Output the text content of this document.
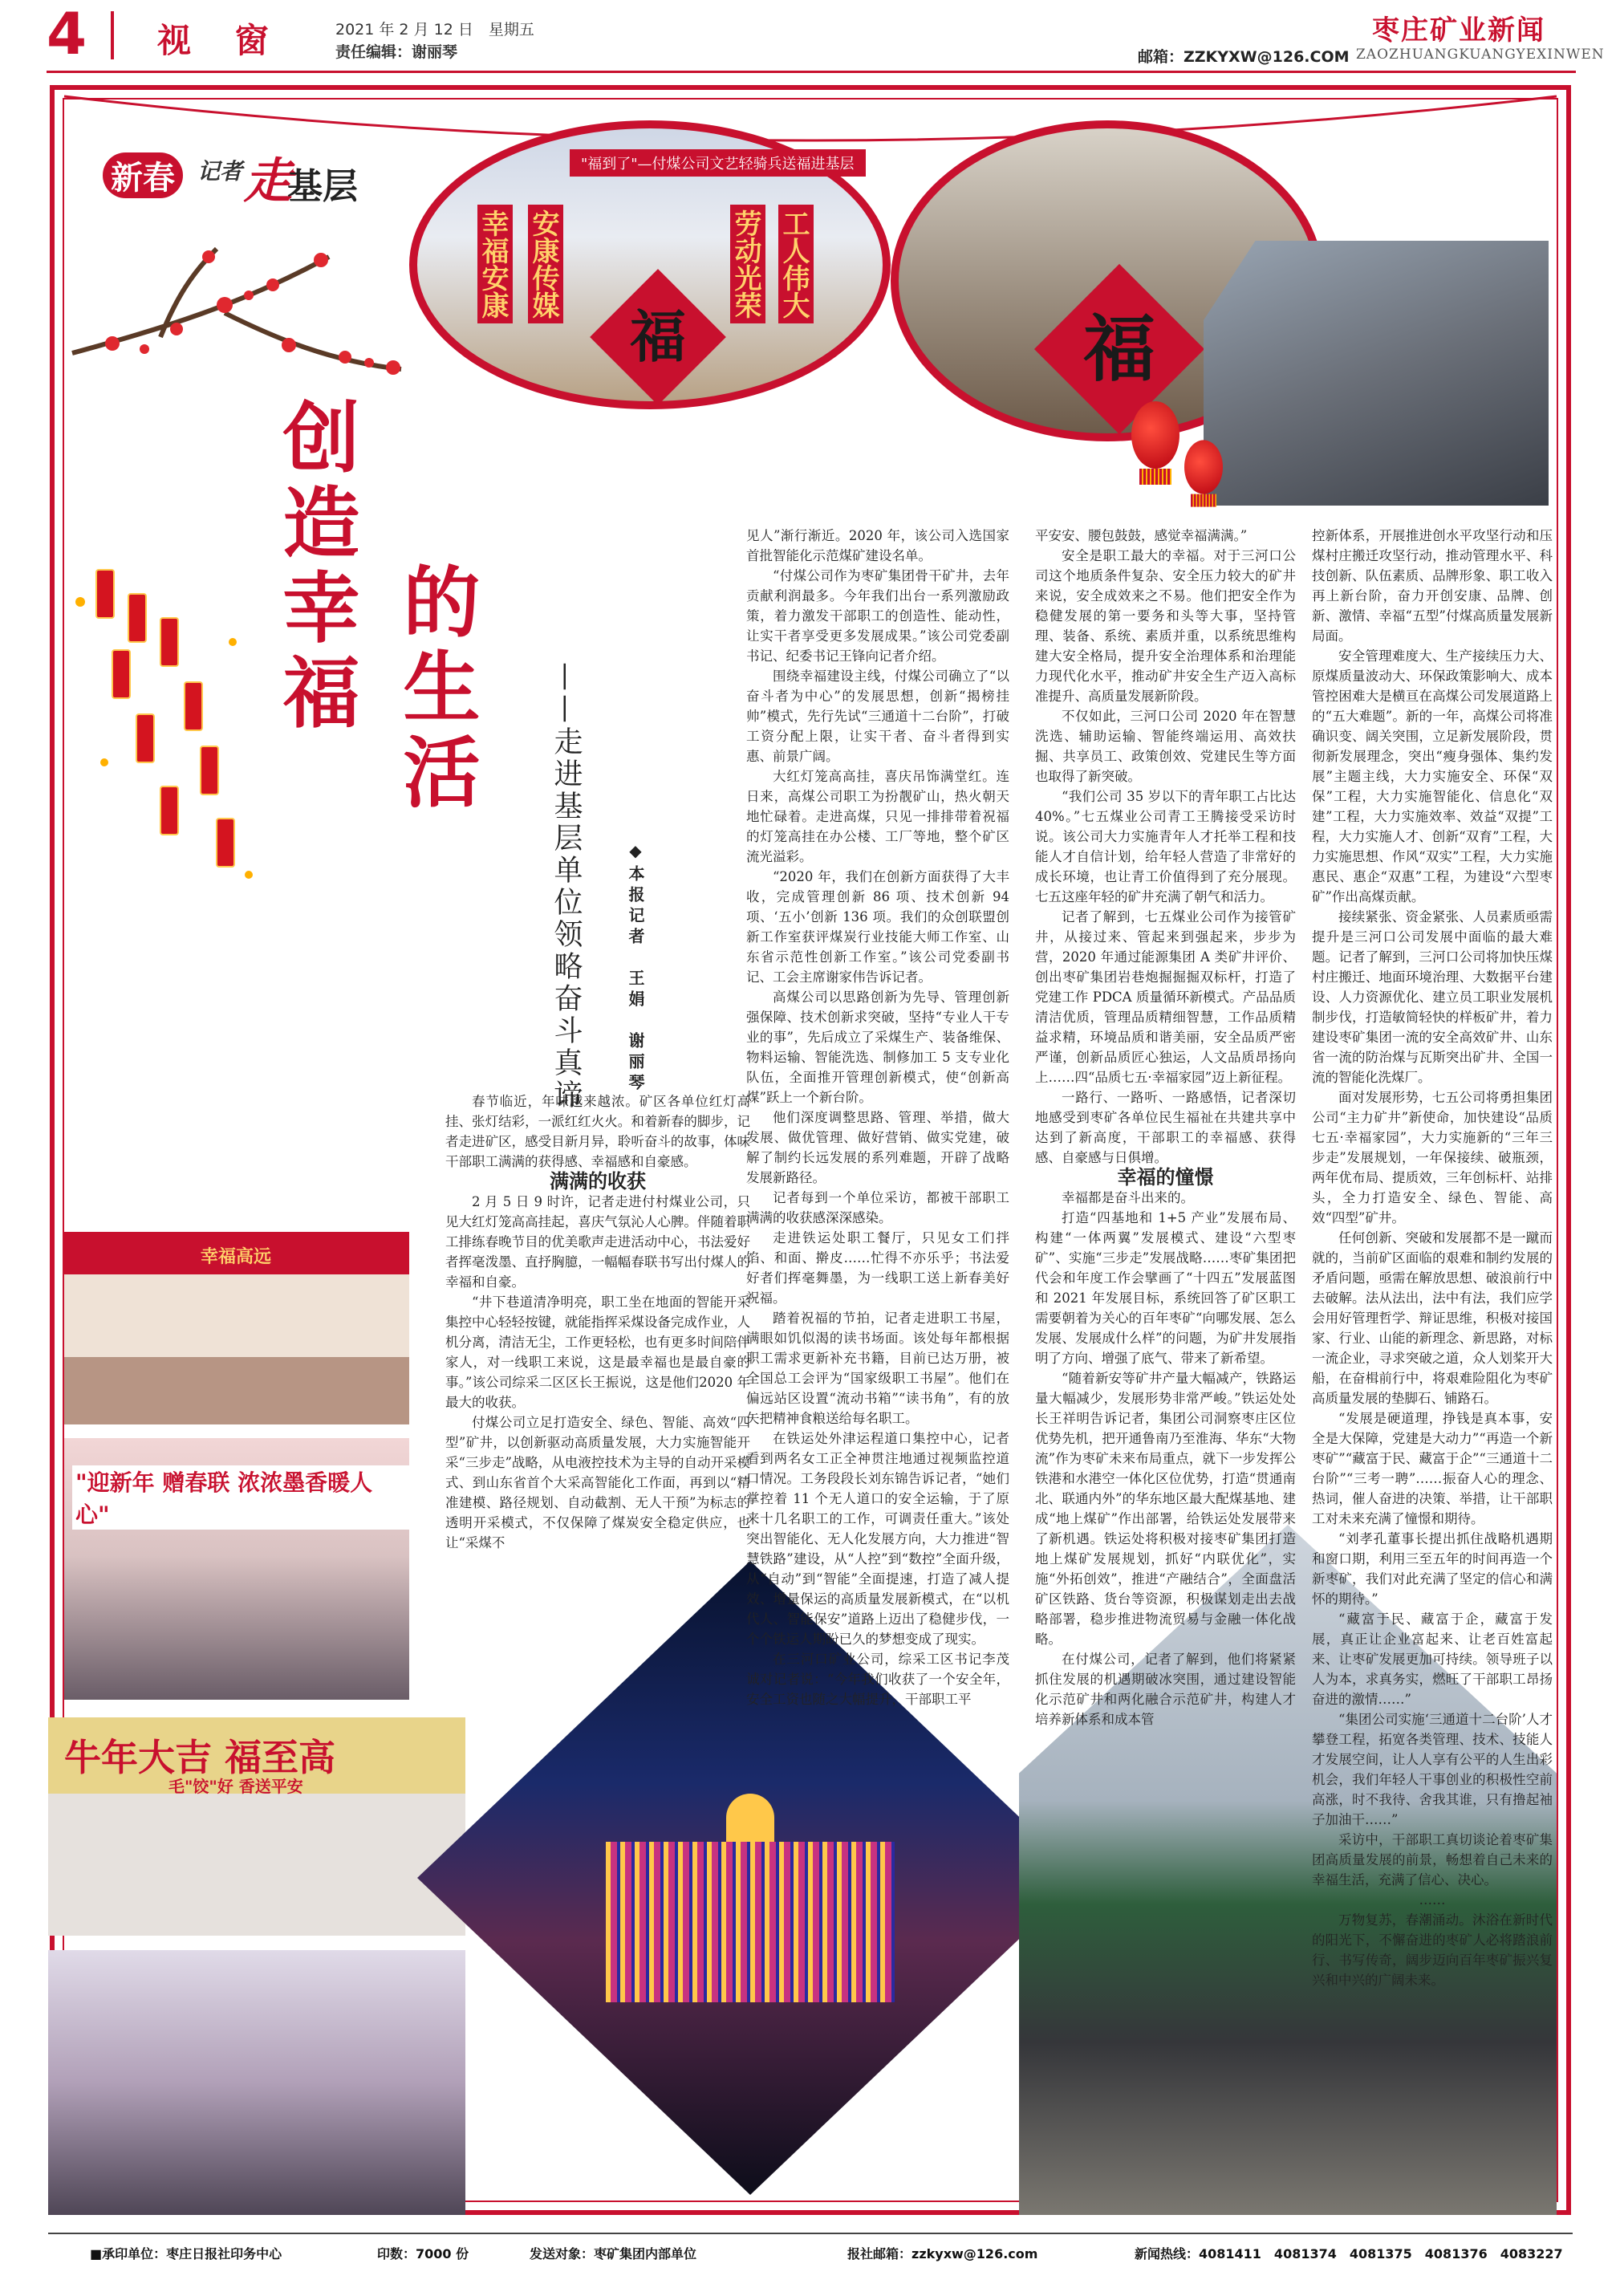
4 视 窗	2021 年 2 月 12 日　星期五
责任编辑：谢丽琴
枣庄矿业新闻
邮箱：ZZKYXW@126.COM ZAOZHUANGKUANGYEXINWEN
新春	记者 走
基层
"福到了"—付煤公司文艺轻骑兵送福进基层
幸福安康 安康传媒	劳动光荣 工人伟大
福	福
创造幸福 的生活	——走进基层单位领略奋斗真谛	◆本报记者　王娟　谢丽琴
幸福高远
"迎新年 赠春联 浓浓墨香暖人心"
牛年大吉 福至高
毛"饺"好 香送平安

春节临近，年味越来越浓。矿区各单位红灯高挂、张灯结彩，一派红红火火。和着新春的脚步，记者走进矿区，感受目新月异，聆听奋斗的故事，体味干部职工满满的获得感、幸福感和自豪感。

满满的收获

2 月 5 日 9 时许，记者走进付村煤业公司，只见大红灯笼高高挂起，喜庆气氛沁人心脾。伴随着职工排练春晚节目的优美歌声走进活动中心，书法爱好者挥毫泼墨、直抒胸臆，一幅幅春联书写出付煤人的幸福和自豪。

“井下巷道清净明亮，职工坐在地面的智能开采集控中心轻轻按键，就能指挥采煤设备完成作业，人机分离，清洁无尘，工作更轻松，也有更多时间陪伴家人，对一线职工来说，这是最幸福也是最自豪的事。”该公司综采二区区长王振说，这是他们2020 年最大的收获。

付煤公司立足打造安全、绿色、智能、高效“四型”矿井，以创新驱动高质量发展，大力实施智能开采“三步走”战略，从电液控技术为主导的自动开采模式、到山东省首个大采高智能化工作面，再到以“精准建模、路径规划、自动截割、无人干预”为标志的透明开采模式，不仅保障了煤炭安全稳定供应，也让“采煤不

见人”渐行渐近。2020 年，该公司入选国家首批智能化示范煤矿建设名单。

“付煤公司作为枣矿集团骨干矿井，去年贡献利润最多。今年我们出台一系列激励政策，着力激发干部职工的创造性、能动性，让实干者享受更多发展成果。”该公司党委副书记、纪委书记王锋向记者介绍。

围绕幸福建设主线，付煤公司确立了“以奋斗者为中心”的发展思想，创新“揭榜挂帅”模式，先行先试“三通道十二台阶”，打破工资分配上限，让实干者、奋斗者得到实惠、前景广阔。

大红灯笼高高挂，喜庆吊饰满堂红。连日来，高煤公司职工为扮靓矿山，热火朝天地忙碌着。走进高煤，只见一排排带着祝福的灯笼高挂在办公楼、工厂等地，整个矿区流光溢彩。

“2020 年，我们在创新方面获得了大丰收，完成管理创新 86 项、技术创新 94 项、‘五小’创新 136 项。我们的众创联盟创新工作室获评煤炭行业技能大师工作室、山东省示范性创新工作室。”该公司党委副书记、工会主席谢家伟告诉记者。

高煤公司以思路创新为先导、管理创新强保障、技术创新求突破，坚持“专业人干专业的事”，先后成立了采煤生产、装备维保、物料运输、智能洗选、制修加工 5 支专业化队伍，全面推开管理创新模式，使“创新高煤”跃上一个新台阶。

他们深度调整思路、管理、举措，做大发展、做优管理、做好营销、做实党建，破解了制约长远发展的系列难题，开辟了战略发展新路径。

记者每到一个单位采访，都被干部职工满满的收获感深深感染。

走进铁运处职工餐厅，只见女工们拌馅、和面、擀皮……忙得不亦乐乎；书法爱好者们挥毫舞墨，为一线职工送上新春美好祝福。

踏着祝福的节拍，记者走进职工书屋，满眼如饥似渴的读书场面。该处每年都根据职工需求更新补充书籍，目前已达万册，被全国总工会评为“国家级职工书屋”。他们在偏远站区设置“流动书箱”“读书角”，有的放矢把精神食粮送给每名职工。

在铁运处外津运程道口集控中心，记者看到两名女工正全神贯注地通过视频监控道口情况。工务段段长刘东锦告诉记者，“她们掌控着 11 个无人道口的安全运输，于了原来十几名职工的工作，可调责任重大。”该处突出智能化、无人化发展方向，大力推进“智慧铁路”建设，从“人控”到“数控”全面升级，从“自动”到“智能”全面提速，打造了减人提效、增量保运的高质量发展新模式，在“以机代人、智能保安”道路上迈出了稳健步伐，一个个铁运人期盼已久的梦想变成了现实。

在三河口矿业公司，综采工区书记李茂诚对记者说：“今年我们收获了一个安全年，安全工资也随之大幅提升，干部职工平

平安安、腰包鼓鼓，感觉幸福满满。”

安全是职工最大的幸福。对于三河口公司这个地质条件复杂、安全压力较大的矿井来说，安全成效来之不易。他们把安全作为稳健发展的第一要务和头等大事，坚持管理、装备、系统、素质并重，以系统思维构建大安全格局，提升安全治理体系和治理能力现代化水平，推动矿井安全生产迈入高标准提升、高质量发展新阶段。

不仅如此，三河口公司 2020 年在智慧洗选、辅助运输、智能终端运用、高效扶掘、共享员工、政策创效、党建民生等方面也取得了新突破。

“我们公司 35 岁以下的青年职工占比达 40%。”七五煤业公司青工王腾接受采访时说。该公司大力实施青年人才托举工程和技能人才自信计划，给年轻人营造了非常好的成长环境，也让青工价值得到了充分展现。七五这座年轻的矿井充满了朝气和活力。

记者了解到，七五煤业公司作为接管矿井，从接过来、管起来到强起来，步步为营，2020 年通过能源集团 A 类矿井评价、创出枣矿集团岩巷炮掘掘掘双标杆，打造了党建工作 PDCA 质量循环新模式。产品品质清洁优质，管理品质精细智慧，工作品质精益求精，环境品质和谐美丽，安全品质严密严谨，创新品质匠心独运，人文品质昂扬向上……四“品质七五·幸福家园”迈上新征程。

一路行、一路听、一路感悟，记者深切地感受到枣矿各单位民生福祉在共建共享中达到了新高度，干部职工的幸福感、获得感、自豪感与日俱增。

幸福的憧憬

幸福都是奋斗出来的。

打造“四基地和 1+5 产业”发展布局、构建“一体两翼”发展模式、建设“六型枣矿”、实施“三步走”发展战略……枣矿集团把代会和年度工作会擘画了“十四五”发展蓝图和 2021 年发展目标，系统回答了矿区职工需要朝着为关心的百年枣矿“向哪发展、怎么发展、发展成什么样”的问题，为矿井发展指明了方向、增强了底气、带来了新希望。

“随着新安等矿井产量大幅减产，铁路运量大幅减少，发展形势非常严峻。”铁运处处长王祥明告诉记者，集团公司洞察枣庄区位优势先机，把开通鲁南乃至淮海、华东“大物流”作为枣矿未来布局重点，就下一步发挥公铁港和水港空一体化区位优势，打造“贯通南北、联通内外”的华东地区最大配煤基地、建成“地上煤矿”作出部署，给铁运处发展带来了新机遇。铁运处将积极对接枣矿集团打造地上煤矿发展规划，抓好“内联优化”，实施“外拓创效”，推进“产融结合”，全面盘活矿区铁路、货台等资源，积极谋划走出去战略部署，稳步推进物流贸易与金融一体化战略。

在付煤公司，记者了解到，他们将紧紧抓住发展的机遇期破冰突围，通过建设智能化示范矿井和两化融合示范矿井，构建人才培养新体系和成本管

控新体系，开展推进创水平攻坚行动和压煤村庄搬迁攻坚行动，推动管理水平、科技创新、队伍素质、品牌形象、职工收入再上新台阶，奋力开创安康、品牌、创新、激情、幸福“五型”付煤高质量发展新局面。

安全管理难度大、生产接续压力大、原煤质量波动大、环保政策影响大、成本管控困难大是横亘在高煤公司发展道路上的“五大难题”。新的一年，高煤公司将准确识变、阔关突围，立足新发展阶段，贯彻新发展理念，突出“瘦身强体、集约发展”主题主线，大力实施安全、环保“双保”工程，大力实施智能化、信息化“双建”工程，大力实施效率、效益“双提”工程，大力实施人才、创新“双育”工程，大力实施思想、作风“双实”工程，大力实施惠民、惠企“双惠”工程，为建设“六型枣矿”作出高煤贡献。

接续紧张、资金紧张、人员素质亟需提升是三河口公司发展中面临的最大难题。记者了解到，三河口公司将加快压煤村庄搬迁、地面环境治理、大数据平台建设、人力资源优化、建立员工职业发展机制步伐，打造敏简轻快的样板矿井，着力建设枣矿集团一流的安全高效矿井、山东省一流的防治煤与瓦斯突出矿井、全国一流的智能化洗煤厂。

面对发展形势，七五公司将勇担集团公司“主力矿井”新使命，加快建设“品质七五·幸福家园”，大力实施新的“三年三步走”发展规划，一年保接续、破瓶颈，两年优布局、提质效，三年创标杆、站排头，全力打造安全、绿色、智能、高效“四型”矿井。

任何创新、突破和发展都不是一蹴而就的，当前矿区面临的艰难和制约发展的矛盾问题，亟需在解放思想、破浪前行中去破解。法从法出，法中有法，我们应学会用好管理哲学、辩证思维，积极对接国家、行业、山能的新理念、新思路，对标一流企业，寻求突破之道，众人划桨开大船，在奋楫前行中，将艰难险阻化为枣矿高质量发展的垫脚石、铺路石。

“发展是硬道理，挣钱是真本事，安全是大保障，党建是大动力”“再造一个新枣矿”“藏富于民、藏富于企”“三通道十二台阶”“三考一聘”……振奋人心的理念、热词，催人奋进的决策、举措，让干部职工对未来充满了憧憬和期待。

“刘孝孔董事长提出抓住战略机遇期和窗口期，利用三至五年的时间再造一个新枣矿，我们对此充满了坚定的信心和满怀的期待。”

“藏富于民、藏富于企，藏富于发展，真正让企业富起来、让老百姓富起来、让枣矿发展更加可持续。领导班子以人为本，求真务实，燃旺了干部职工昂扬奋进的激情……”

“集团公司实施‘三通道十二台阶’人才攀登工程，拓宽各类管理、技术、技能人才发展空间，让人人享有公平的人生出彩机会，我们年轻人干事创业的积极性空前高涨，时不我待、舍我其谁，只有撸起袖子加油干……”

采访中，干部职工真切谈论着枣矿集团高质量发展的前景，畅想着自己未来的幸福生活，充满了信心、决心。

……

万物复苏，春潮涌动。沐浴在新时代的阳光下，不懈奋进的枣矿人必将踏浪前行、书写传奇，阔步迈向百年枣矿振兴复兴和中兴的广阔未来。

■承印单位：枣庄日报社印务中心	印数：7000 份	发送对象：枣矿集团内部单位	报社邮箱：zzkyxw@126.com	新闻热线：4081411　4081374　4081375　4081376　4083227
